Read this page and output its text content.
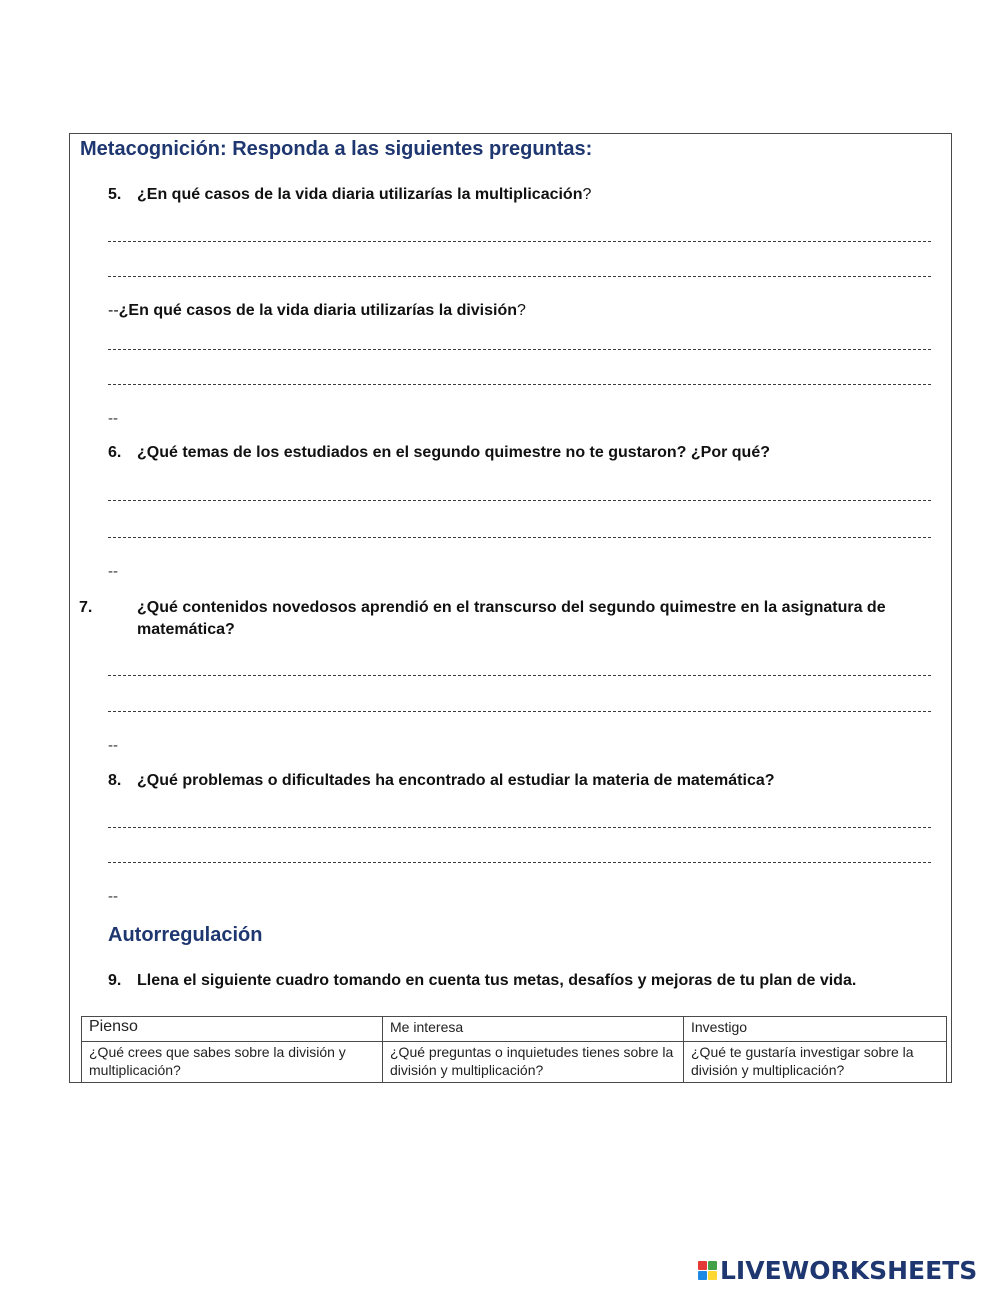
Metacognición: Responda a las siguientes preguntas:
5. ¿En qué casos de la vida diaria utilizarías la multiplicación?
--¿En qué casos de la vida diaria utilizarías la división?
--
6. ¿Qué temas de los estudiados en el segundo quimestre no te gustaron? ¿Por qué?
--
7.	¿Qué contenidos novedosos aprendió en el transcurso del segundo quimestre en la asignatura de matemática?
--
8. ¿Qué problemas o dificultades ha encontrado al estudiar la materia de matemática?
--
Autorregulación
9. Llena el siguiente cuadro tomando en cuenta tus metas, desafíos y mejoras de tu plan de vida.
Pienso	Me interesa	Investigo
¿Qué crees que sabes sobre la división y multiplicación?	¿Qué preguntas o inquietudes tienes sobre la división y multiplicación?	¿Qué te gustaría investigar sobre la división y multiplicación?
LIVEWORKSHEETS
